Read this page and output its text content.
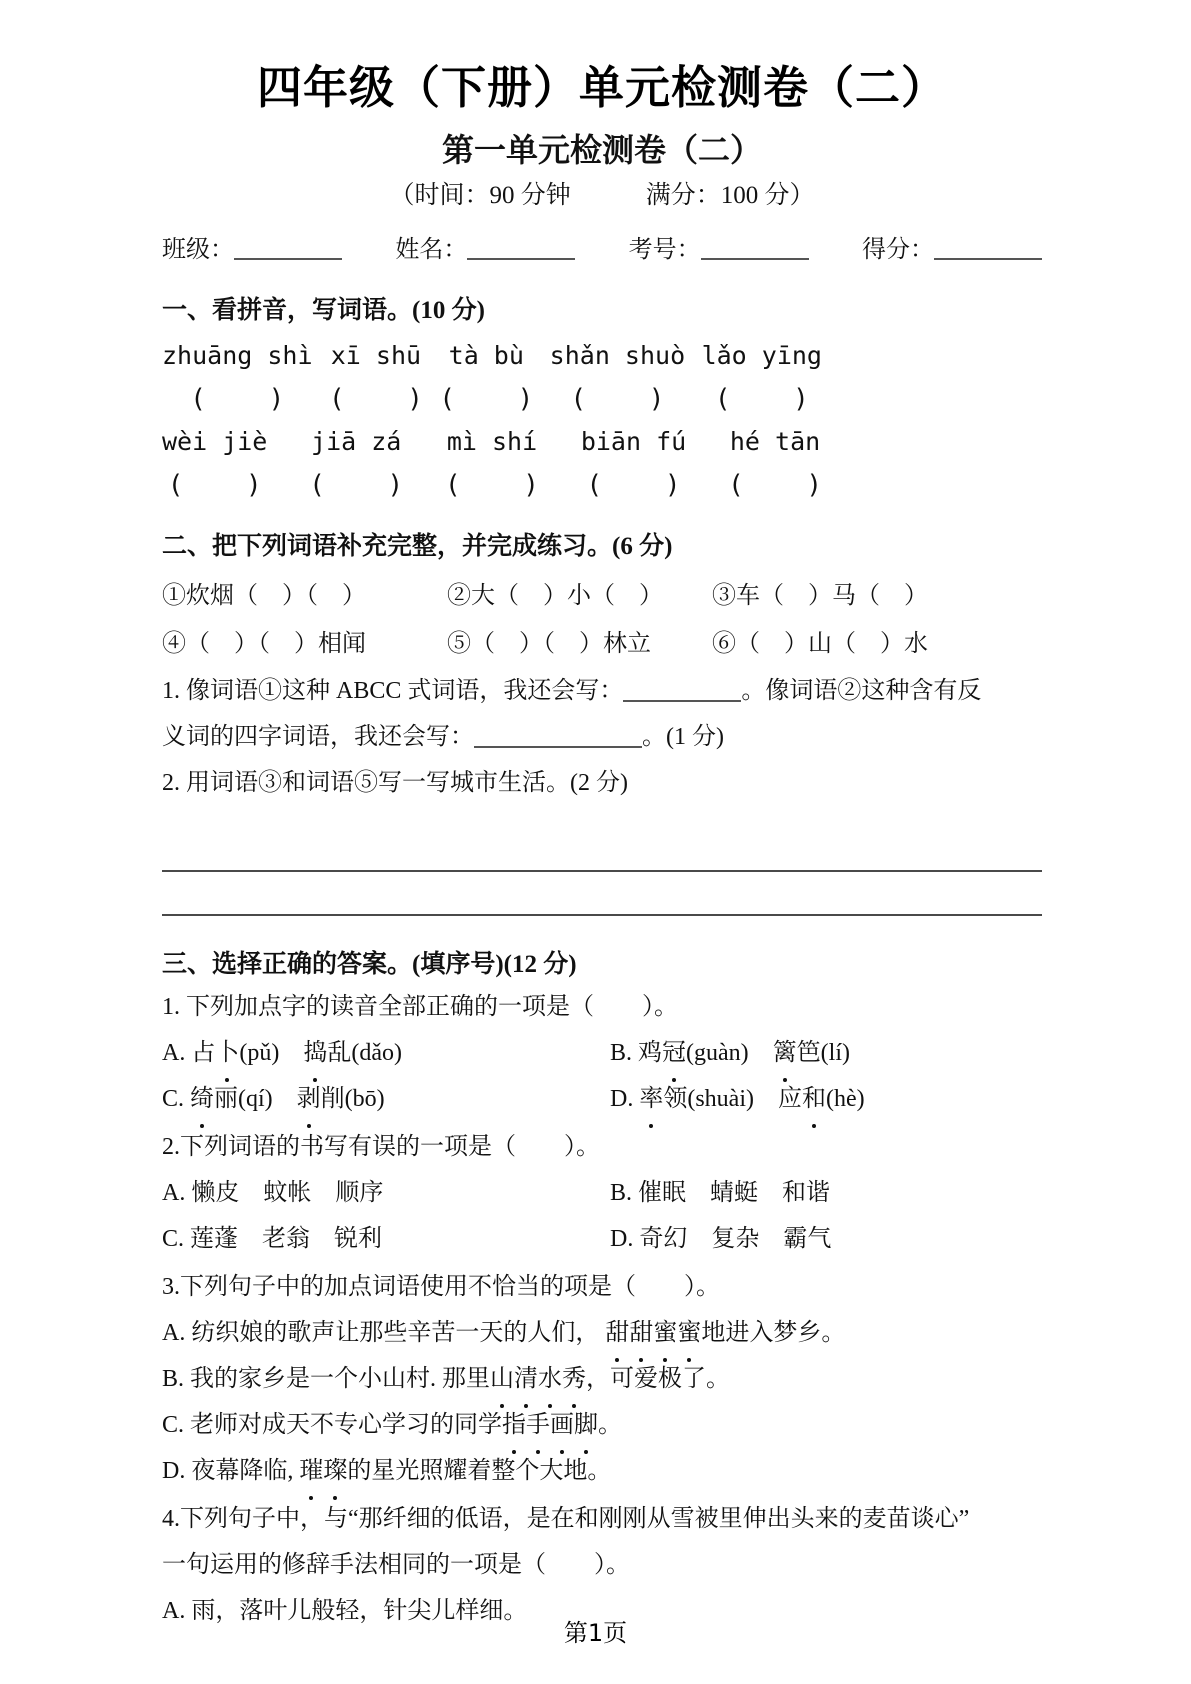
四年级（下册）单元检测卷（二）
第一单元检测卷（二）
（时间：90 分钟　　　满分：100 分）
班级：	姓名：	考号：	得分：
一、看拼音，写词语。(10 分)
zhuāng shì
(    )
xī shū
(    )
tà bù
(    )
shǎn shuò
(    )
lǎo yīng
(    )
wèi jiè
(    )
jiā zá
(    )
mì shí
(    )
biān fú
(    )
hé tān
(    )
二、把下列词语补充完整，并完成练习。(6 分)
①炊烟（　）（　）	②大（　）小（　）	③车（　）马（　）
④（　）（　）相闻	⑤（　）（　）林立	⑥（　）山（　）水

1. 像词语①这种 ABCC 式词语，我还会写：	。像词语②这种含有反

义词的四字词语，我还会写：	。(1 分)

2. 用词语③和词语⑤写一写城市生活。(2 分)

三、选择正确的答案。(填序号)(12 分)

1. 下列加点字的读音全部正确的一项是（　　）。

A. 占卜(pǔ)　捣乱(dǎo)	B. 鸡冠(guàn)　篱笆(lí)

C. 绮丽(qí)　剥削(bō)	D. 率领(shuài)　应和(hè)

2.下列词语的书写有误的一项是（　　）。

A. 懒皮　蚊帐　顺序	B. 催眠　蜻蜓　和谐

C. 莲蓬　老翁　锐利	D. 奇幻　复杂　霸气

3.下列句子中的加点词语使用不恰当的项是（　　）。

A. 纺织娘的歌声让那些辛苦一天的人们， 甜甜蜜蜜地进入梦乡。

B. 我的家乡是一个小山村. 那里山清水秀，可爱极了。

C. 老师对成天不专心学习的同学指手画脚。

D. 夜幕降临, 璀璨的星光照耀着整个大地。

4.下列句子中，与“那纤细的低语，是在和刚刚从雪被里伸出头来的麦苗谈心”

一句运用的修辞手法相同的一项是（　　）。

A. 雨，落叶儿般轻，针尖儿样细。

第1页
